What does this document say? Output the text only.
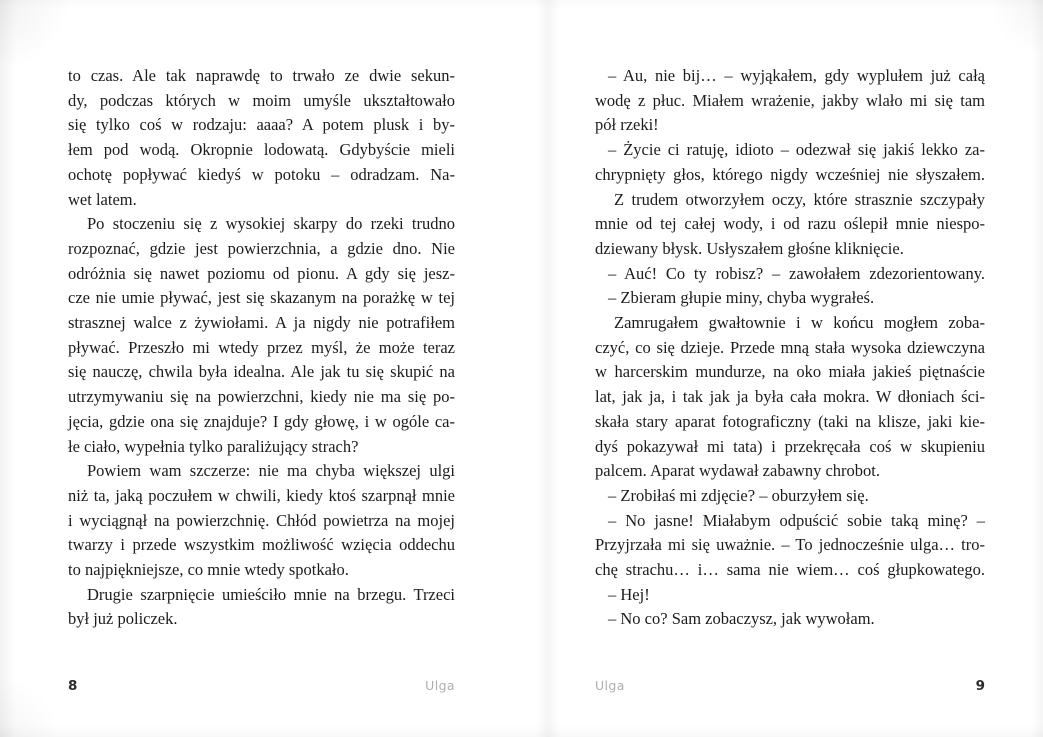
to czas. Ale tak naprawdę to trwało ze dwie sekun-
dy, podczas których w moim umyśle ukształtowało
się tylko coś w rodzaju: aaaa? A potem plusk i by-
łem pod wodą. Okropnie lodowatą. Gdybyście mieli
ochotę popływać kiedyś w potoku – odradzam. Na-
wet latem.
Po stoczeniu się z wysokiej skarpy do rzeki trudno
rozpoznać, gdzie jest powierzchnia, a gdzie dno. Nie
odróżnia się nawet poziomu od pionu. A gdy się jesz-
cze nie umie pływać, jest się skazanym na porażkę w tej
strasznej walce z żywiołami. A ja nigdy nie potrafiłem
pływać. Przeszło mi wtedy przez myśl, że może teraz
się nauczę, chwila była idealna. Ale jak tu się skupić na
utrzymywaniu się na powierzchni, kiedy nie ma się po-
jęcia, gdzie ona się znajduje? I gdy głowę, i w ogóle ca-
łe ciało, wypełnia tylko paraliżujący strach?
Powiem wam szczerze: nie ma chyba większej ulgi
niż ta, jaką poczułem w chwili, kiedy ktoś szarpnął mnie
i wyciągnął na powierzchnię. Chłód powietrza na mojej
twarzy i przede wszystkim możliwość wzięcia oddechu
to najpiękniejsze, co mnie wtedy spotkało.
Drugie szarpnięcie umieściło mnie na brzegu. Trzeci
był już policzek.
8	Ulga
– Au, nie bij… – wyjąkałem, gdy wyplułem już całą
wodę z płuc. Miałem wrażenie, jakby wlało mi się tam
pół rzeki!
– Życie ci ratuję, idioto – odezwał się jakiś lekko za-
chrypnięty głos, którego nigdy wcześniej nie słyszałem.
Z trudem otworzyłem oczy, które strasznie szczypały
mnie od tej całej wody, i od razu oślepił mnie niespo-
dziewany błysk. Usłyszałem głośne kliknięcie.
– Auć! Co ty robisz? – zawołałem zdezorientowany.
– Zbieram głupie miny, chyba wygrałeś.
Zamrugałem gwałtownie i w końcu mogłem zoba-
czyć, co się dzieje. Przede mną stała wysoka dziewczyna
w harcerskim mundurze, na oko miała jakieś piętnaście
lat, jak ja, i tak jak ja była cała mokra. W dłoniach ści-
skała stary aparat fotograficzny (taki na klisze, jaki kie-
dyś pokazywał mi tata) i przekręcała coś w skupieniu
palcem. Aparat wydawał zabawny chrobot.
– Zrobiłaś mi zdjęcie? – oburzyłem się.
– No jasne! Miałabym odpuścić sobie taką minę? –
Przyjrzała mi się uważnie. – To jednocześnie ulga… tro-
chę strachu… i… sama nie wiem… coś głupkowatego.
– Hej!
– No co? Sam zobaczysz, jak wywołam.
Ulga	9
